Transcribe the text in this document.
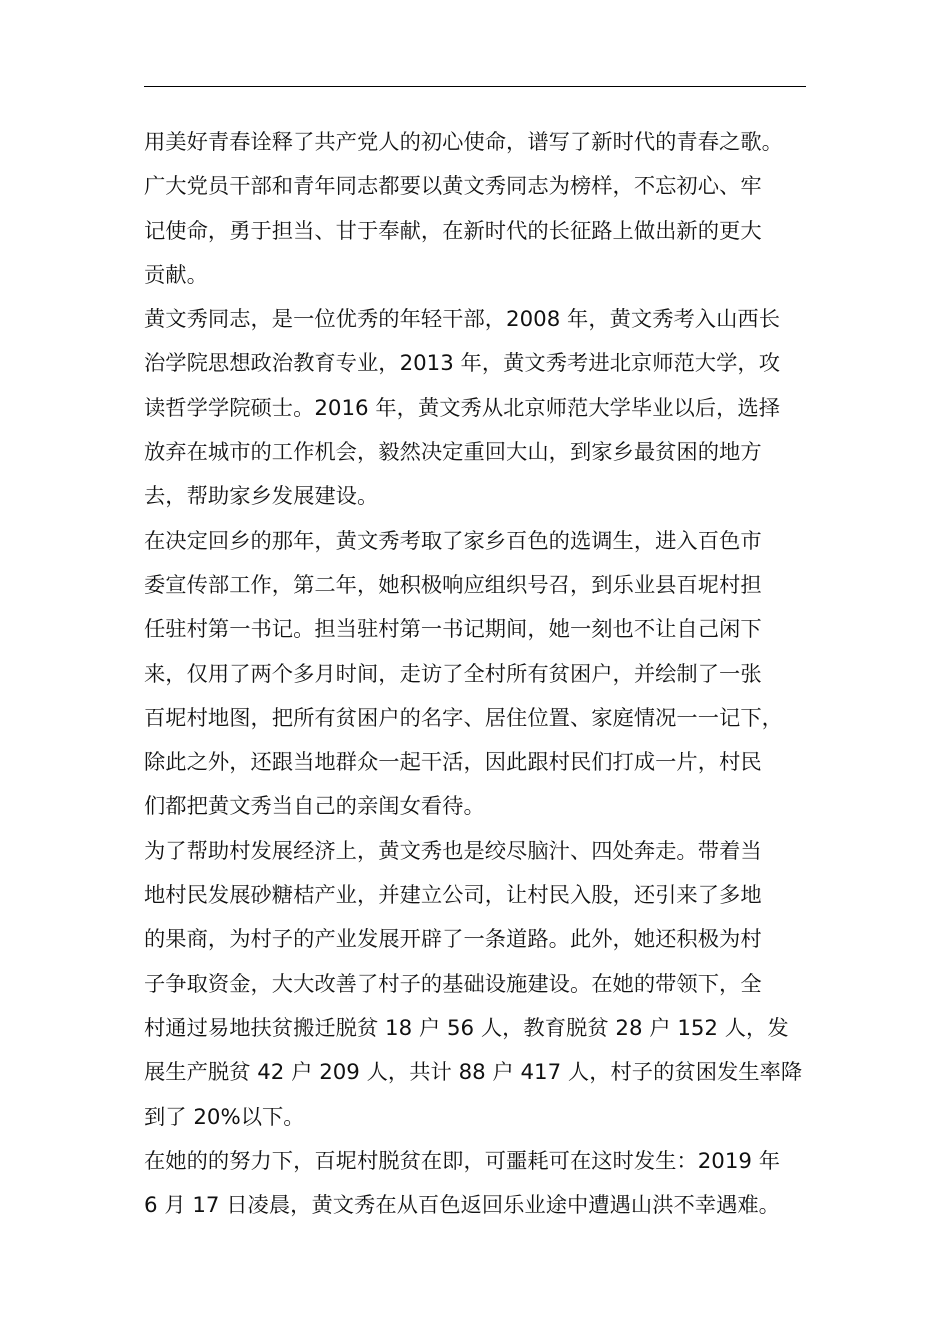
用美好青春诠释了共产党人的初心使命，谱写了新时代的青春之歌。
广大党员干部和青年同志都要以黄文秀同志为榜样，不忘初心、牢
记使命，勇于担当、甘于奉献，在新时代的长征路上做出新的更大
贡献。
黄文秀同志，是一位优秀的年轻干部，2008 年，黄文秀考入山西长
治学院思想政治教育专业，2013 年，黄文秀考进北京师范大学，攻
读哲学学院硕士。2016 年，黄文秀从北京师范大学毕业以后，选择
放弃在城市的工作机会，毅然决定重回大山，到家乡最贫困的地方
去，帮助家乡发展建设。
在决定回乡的那年，黄文秀考取了家乡百色的选调生，进入百色市
委宣传部工作，第二年，她积极响应组织号召，到乐业县百坭村担
任驻村第一书记。担当驻村第一书记期间，她一刻也不让自己闲下
来，仅用了两个多月时间，走访了全村所有贫困户，并绘制了一张
百坭村地图，把所有贫困户的名字、居住位置、家庭情况一一记下，
除此之外，还跟当地群众一起干活，因此跟村民们打成一片，村民
们都把黄文秀当自己的亲闺女看待。
为了帮助村发展经济上，黄文秀也是绞尽脑汁、四处奔走。带着当
地村民发展砂糖桔产业，并建立公司，让村民入股，还引来了多地
的果商，为村子的产业发展开辟了一条道路。此外，她还积极为村
子争取资金，大大改善了村子的基础设施建设。在她的带领下，全
村通过易地扶贫搬迁脱贫 18 户 56 人，教育脱贫 28 户 152 人，发
展生产脱贫 42 户 209 人，共计 88 户 417 人，村子的贫困发生率降
到了 20%以下。
在她的的努力下，百坭村脱贫在即，可噩耗可在这时发生：2019 年
6 月 17 日凌晨，黄文秀在从百色返回乐业途中遭遇山洪不幸遇难。
